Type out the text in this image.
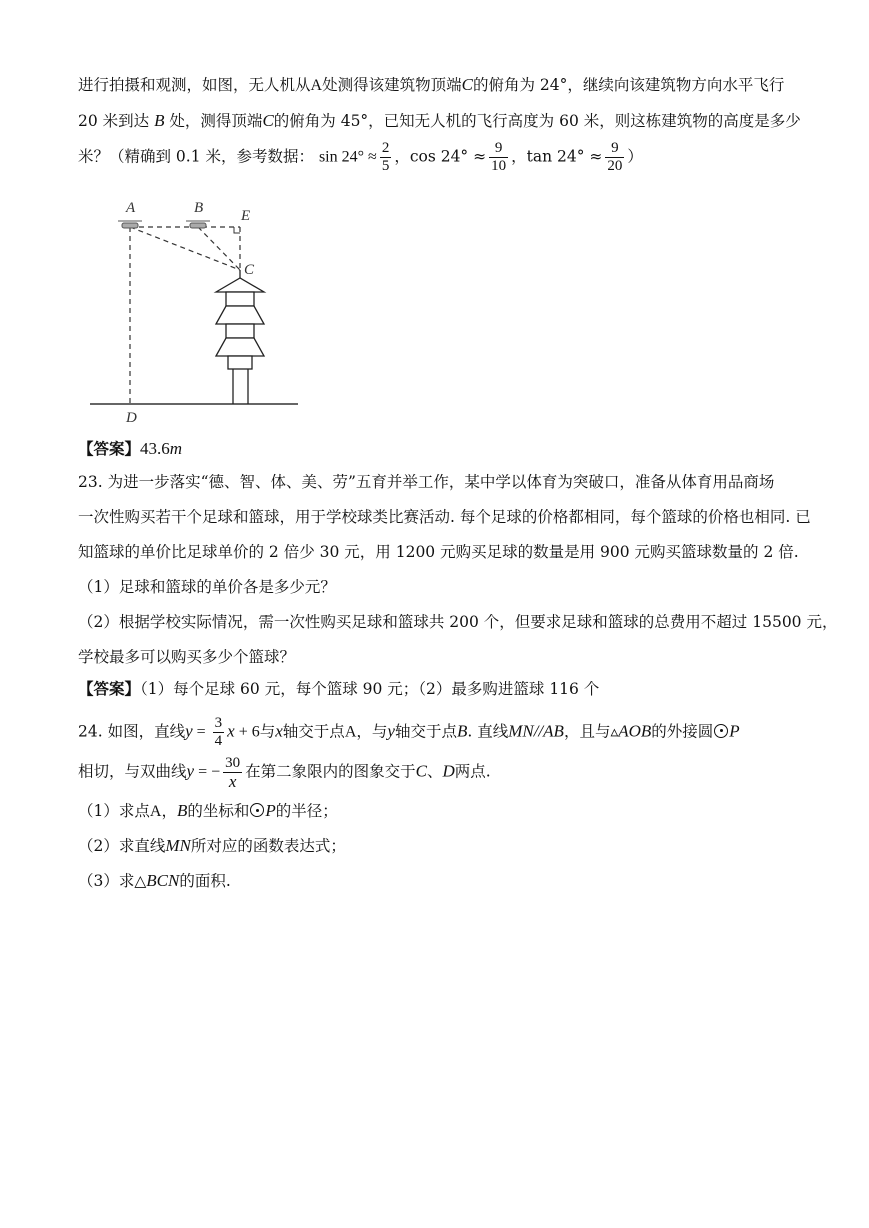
进行拍摄和观测，如图，无人机从A处测得该建筑物顶端C的俯角为 24°，继续向该建筑物方向水平飞行
20 米到达 B 处，测得顶端C的俯角为 45°，已知无人机的飞行高度为 60 米，则这栋建筑物的高度是多少
米？（精确到 0.1 米，参考数据： $\sin 24^\circ \approx \frac{2}{5}$ ，$\cos 24^\circ \approx \frac{9}{10}$ ，$\tan 24^\circ \approx \frac{9}{20}$ ）
A	B	E
C
D
【答案】43.6m
23. 为进一步落实“德、智、体、美、劳”五育并举工作，某中学以体育为突破口，准备从体育用品商场
一次性购买若干个足球和篮球，用于学校球类比赛活动. 每个足球的价格都相同，每个篮球的价格也相同. 已
知篮球的单价比足球单价的 2 倍少 30 元，用 1200 元购买足球的数量是用 900 元购买篮球数量的 2 倍.
（1）足球和篮球的单价各是多少元？
（2）根据学校实际情况，需一次性购买足球和篮球共 200 个，但要求足球和篮球的总费用不超过 15500 元，
学校最多可以购买多少个篮球？
【答案】（1）每个足球 60 元，每个篮球 90 元；（2）最多购进篮球 116 个
24. 如图，直线$y = \frac{3}{4}$ x + 6与x轴交于点A，与y轴交于点B. 直线MN//AB，且与▵AOB的外接圆 P
相切，与双曲线y = − $\frac{30}{x}$ 在第二象限内的图象交于C、D两点.
（1）求点A，B的坐标和 P的半径；
（2）求直线MN所对应的函数表达式；
（3）求△BCN的面积.
